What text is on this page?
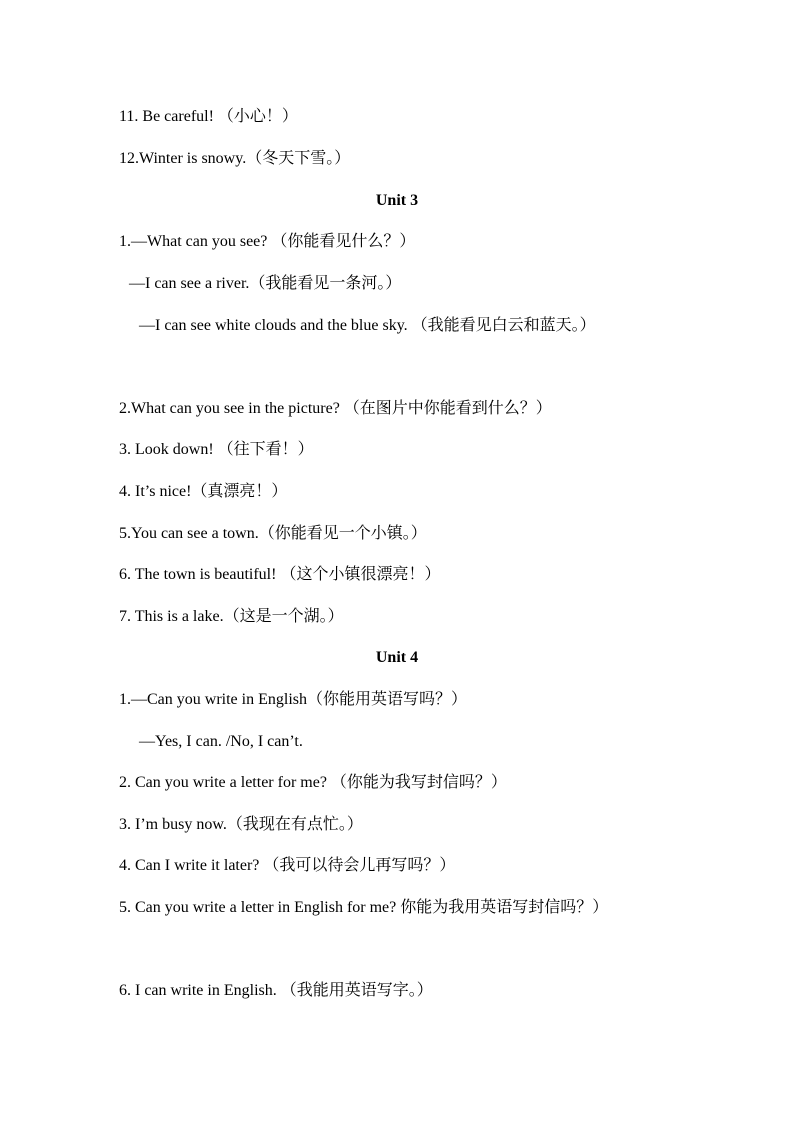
11. Be careful! （小心！）
12.Winter is snowy.（冬天下雪。）
Unit 3
1.—What can you see? （你能看见什么？）
—I can see a river.（我能看见一条河。）
—I can see white clouds and the blue sky. （我能看见白云和蓝天。）
2.What can you see in the picture? （在图片中你能看到什么？）
3. Look down! （往下看！）
4. It’s nice!（真漂亮！）
5.You can see a town.（你能看见一个小镇。）
6. The town is beautiful! （这个小镇很漂亮！）
7. This is a lake.（这是一个湖。）
Unit 4
1.—Can you write in English（你能用英语写吗？）
—Yes, I can. /No, I can’t.
2. Can you write a letter for me? （你能为我写封信吗？）
3. I’m busy now.（我现在有点忙。）
4. Can I write it later? （我可以待会儿再写吗？）
5. Can you write a letter in English for me? 你能为我用英语写封信吗？）
6. I can write in English. （我能用英语写字。）
